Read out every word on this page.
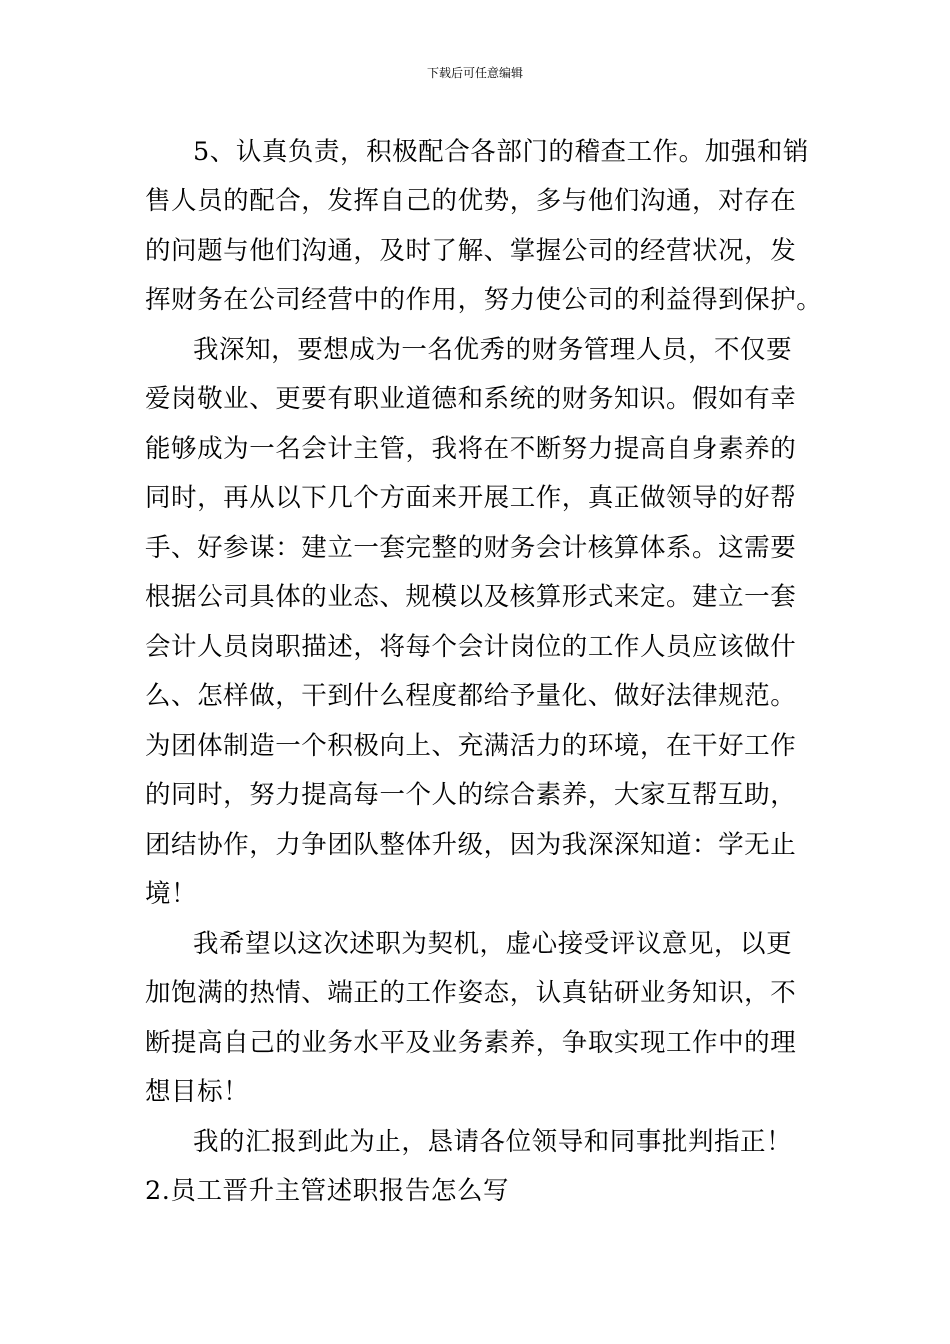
下载后可任意编辑
5、认真负责，积极配合各部门的稽查工作。加强和销
售人员的配合，发挥自己的优势，多与他们沟通，对存在
的问题与他们沟通，及时了解、掌握公司的经营状况，发
挥财务在公司经营中的作用，努力使公司的利益得到保护。
我深知，要想成为一名优秀的财务管理人员，不仅要
爱岗敬业、更要有职业道德和系统的财务知识。假如有幸
能够成为一名会计主管，我将在不断努力提高自身素养的
同时，再从以下几个方面来开展工作，真正做领导的好帮
手、好参谋：建立一套完整的财务会计核算体系。这需要
根据公司具体的业态、规模以及核算形式来定。建立一套
会计人员岗职描述，将每个会计岗位的工作人员应该做什
么、怎样做，干到什么程度都给予量化、做好法律规范。
为团体制造一个积极向上、充满活力的环境，在干好工作
的同时，努力提高每一个人的综合素养，大家互帮互助，
团结协作，力争团队整体升级，因为我深深知道：学无止
境！
我希望以这次述职为契机，虚心接受评议意见，以更
加饱满的热情、端正的工作姿态，认真钻研业务知识，不
断提高自己的业务水平及业务素养，争取实现工作中的理
想目标！
我的汇报到此为止，恳请各位领导和同事批判指正！
2.员工晋升主管述职报告怎么写
